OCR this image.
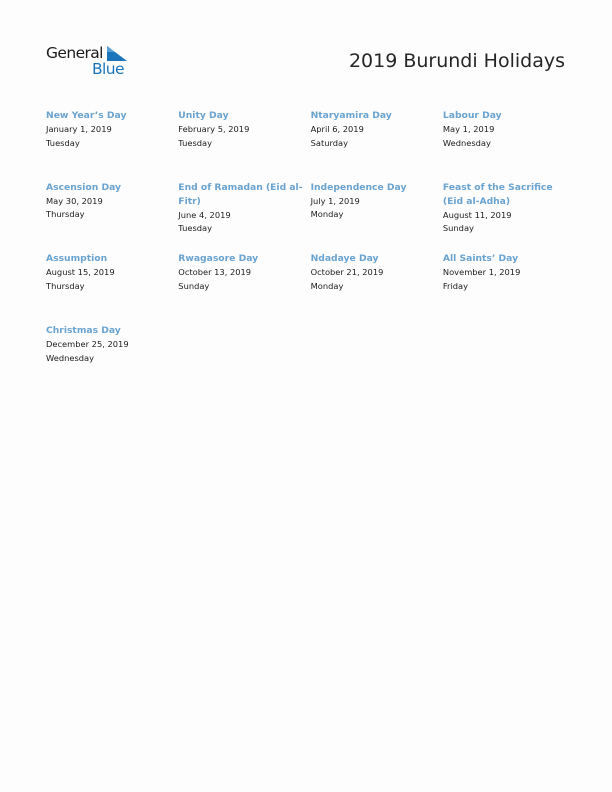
General
Blue	2019 Burundi Holidays
New Year’s Day
January 1, 2019
Tuesday
Unity Day
February 5, 2019
Tuesday
Ntaryamira Day
April 6, 2019
Saturday
Labour Day
May 1, 2019
Wednesday
Ascension Day
May 30, 2019
Thursday
End of Ramadan (Eid al-Fitr)
June 4, 2019
Tuesday
Independence Day
July 1, 2019
Monday
Feast of the Sacrifice (Eid al-Adha)
August 11, 2019
Sunday
Assumption
August 15, 2019
Thursday
Rwagasore Day
October 13, 2019
Sunday
Ndadaye Day
October 21, 2019
Monday
All Saints’ Day
November 1, 2019
Friday
Christmas Day
December 25, 2019
Wednesday
